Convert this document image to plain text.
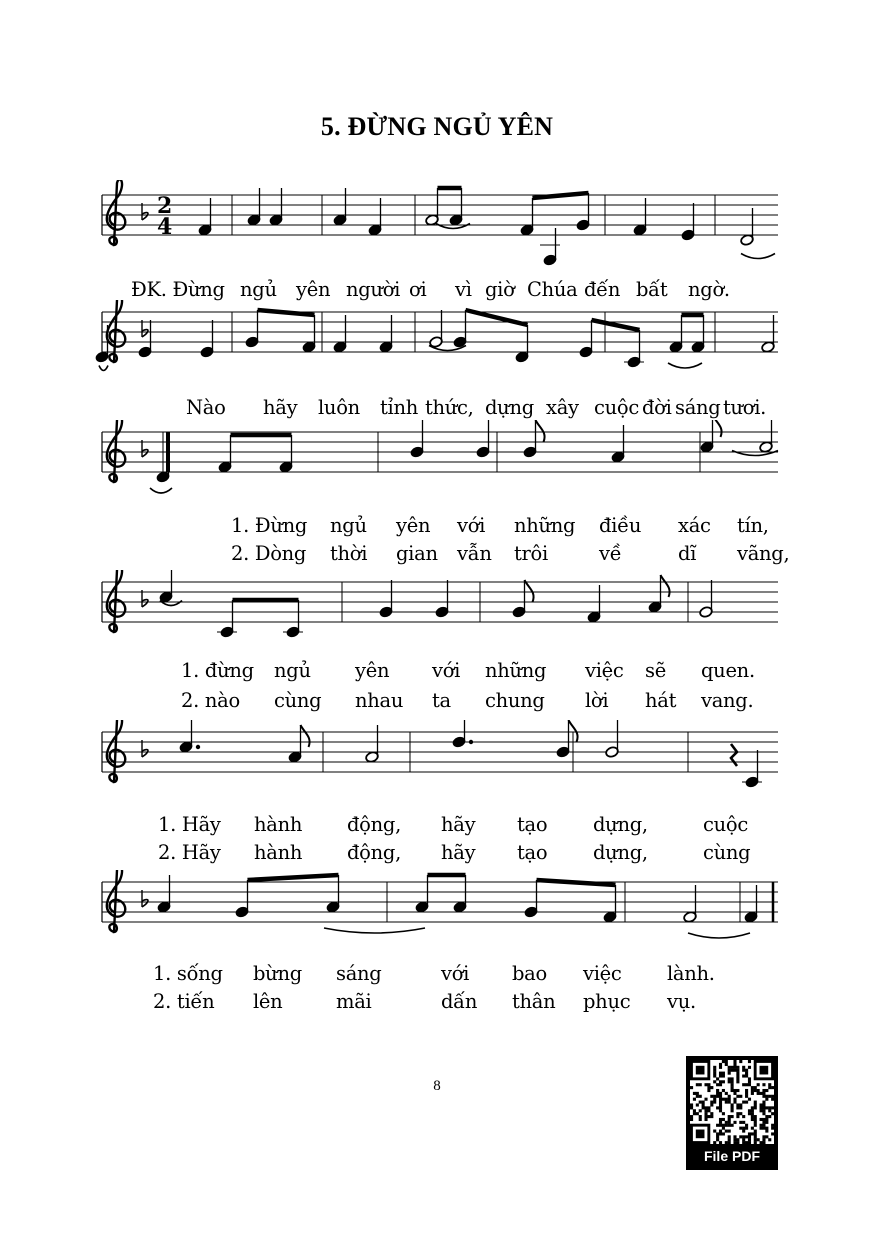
5. ĐỪNG NGỦ YÊN
2
4
ĐK. Đừng ngủ yên người ơi vì giờ Chúa đến bất ngờ.
Nào hãy luôn tỉnh thức, dựng xây cuộc đời sáng tươi.
1. Đừng ngủ yên với những điều xác tín,
2. Dòng thời gian vẫn trôi	về	dĩ vãng,
1. đừng ngủ yên với những việc sẽ quen.
2. nào cùng nhau ta chung lời hát vang.
1. Hãy hành động, hãy tạo dựng,	cuộc
2. Hãy hành động, hãy tạo dựng,	cùng
1. sống bừng sáng	với bao việc lành.
2. tiến lên	mãi	dấn thân phục vụ.
8
File PDF
